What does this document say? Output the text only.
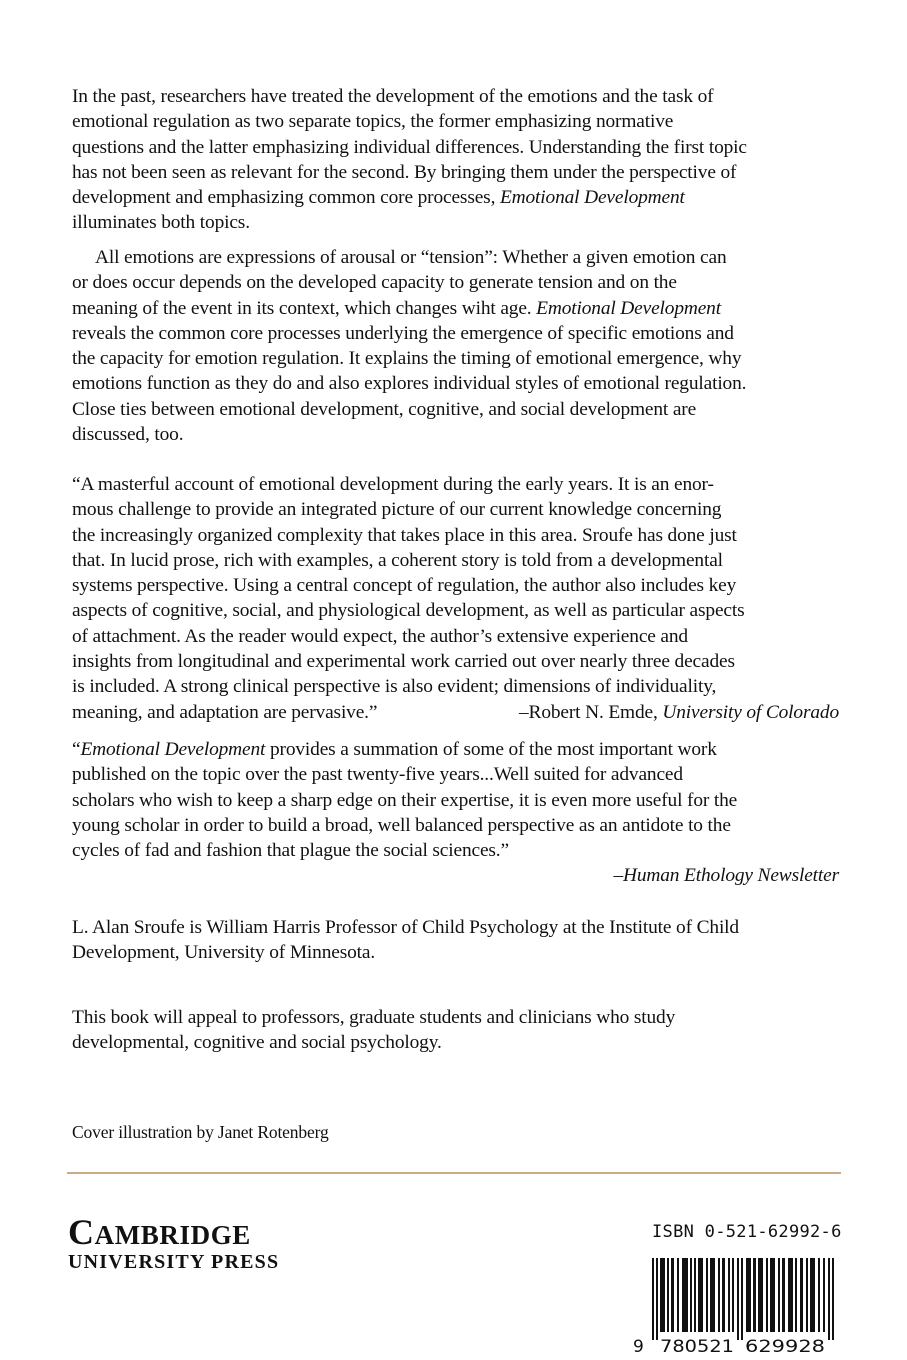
In the past, researchers have treated the development of the emotions and the task of
emotional regulation as two separate topics, the former emphasizing normative
questions and the latter emphasizing individual differences. Understanding the first topic
has not been seen as relevant for the second. By bringing them under the perspective of
development and emphasizing common core processes, Emotional Development
illuminates both topics.
All emotions are expressions of arousal or “tension”: Whether a given emotion can
or does occur depends on the developed capacity to generate tension and on the
meaning of the event in its context, which changes wiht age. Emotional Development
reveals the common core processes underlying the emergence of specific emotions and
the capacity for emotion regulation. It explains the timing of emotional emergence, why
emotions function as they do and also explores individual styles of emotional regulation.
Close ties between emotional development, cognitive, and social development are
discussed, too.
“A masterful account of emotional development during the early years. It is an enor-
mous challenge to provide an integrated picture of our current knowledge concerning
the increasingly organized complexity that takes place in this area. Sroufe has done just
that. In lucid prose, rich with examples, a coherent story is told from a developmental
systems perspective. Using a central concept of regulation, the author also includes key
aspects of cognitive, social, and physiological development, as well as particular aspects
of attachment. As the reader would expect, the author’s extensive experience and
insights from longitudinal and experimental work carried out over nearly three decades
is included. A strong clinical perspective is also evident; dimensions of individuality,
meaning, and adaptation are pervasive.”	–Robert N. Emde, University of Colorado
“Emotional Development provides a summation of some of the most important work
published on the topic over the past twenty-five years...Well suited for advanced
scholars who wish to keep a sharp edge on their expertise, it is even more useful for the
young scholar in order to build a broad, well balanced perspective as an antidote to the
cycles of fad and fashion that plague the social sciences.”
–Human Ethology Newsletter
L. Alan Sroufe is William Harris Professor of Child Psychology at the Institute of Child
Development, University of Minnesota.
This book will appeal to professors, graduate students and clinicians who study
developmental, cognitive and social psychology.
Cover illustration by Janet Rotenberg
CAMBRIDGE
UNIVERSITY PRESS
ISBN 0-521-62992-6
9 780521 629928
